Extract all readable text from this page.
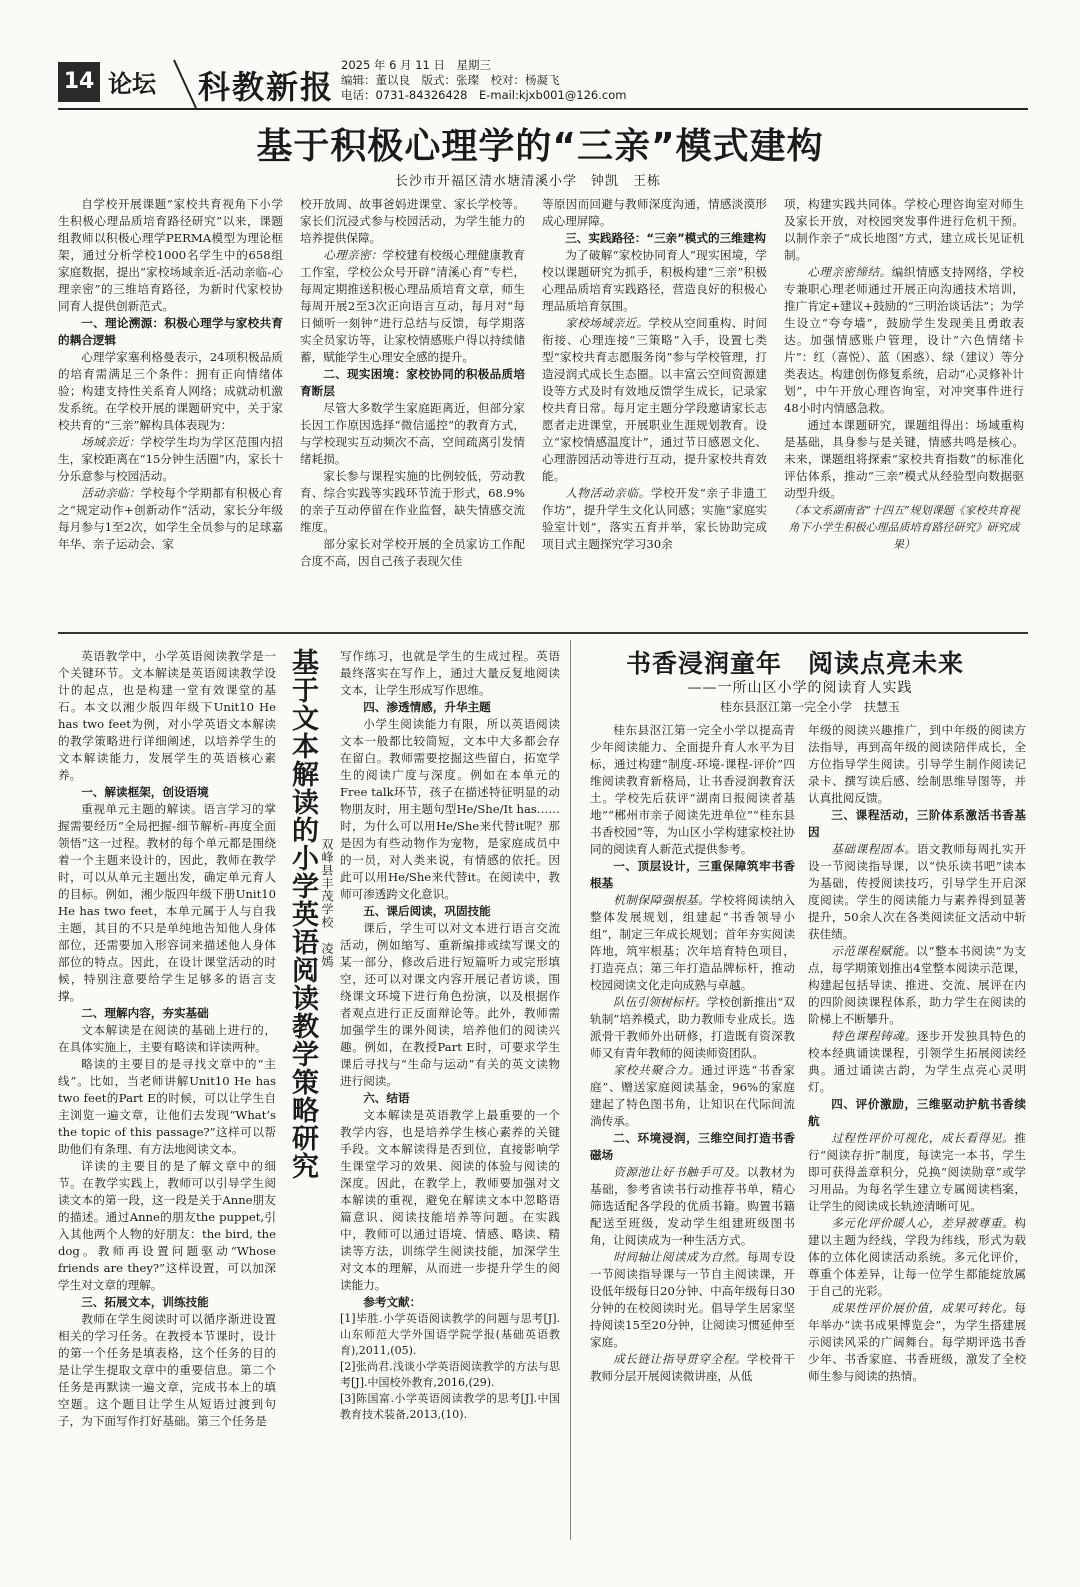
14 论坛 科教新报
2025 年 6 月 11 日　星期三
编辑：董以良　版式：张璨　校对：杨凝飞
电话：0731-84326428　E-mail:kjxb001@126.com
基于积极心理学的“三亲”模式建构
长沙市开福区清水塘清溪小学　钟凯　王栋

自学校开展课题“家校共育视角下小学生积极心理品质培育路径研究”以来，课题组教师以积极心理学PERMA模型为理论框架，通过分析学校1000名学生中的658组家庭数据，提出“家校场域亲近-活动亲临-心理亲密”的三维培育路径，为新时代家校协同育人提供创新范式。

一、理论溯源：积极心理学与家校共育的耦合逻辑

心理学家塞利格曼表示，24项积极品质的培育需满足三个条件：拥有正向情绪体验；构建支持性关系育人网络；成就动机激发系统。在学校开展的课题研究中，关于家校共育的“三亲”解构具体表现为：

场域亲近：学校学生均为学区范围内招生，家校距离在“15分钟生活圈”内，家长十分乐意参与校园活动。

活动亲临：学校每个学期都有积极心育之“规定动作+创新动作”活动，家长分年级每月参与1至2次，如学生全员参与的足球嘉年华、亲子运动会、家

校开放周、故事爸妈进课堂、家长学校等。家长们沉浸式参与校园活动，为学生能力的培养提供保障。

心理亲密：学校建有校级心理健康教育工作室，学校公众号开辟“清溪心育”专栏，每周定期推送积极心理品质培育文章，师生每周开展2至3次正向语言互动，每月对“每日倾听一刻钟”进行总结与反馈，每学期落实全员家访等，让家校情感账户得以持续储蓄，赋能学生心理安全感的提升。

二、现实困境：家校协同的积极品质培育断层

尽管大多数学生家庭距离近，但部分家长因工作原因选择“微信遥控”的教育方式，与学校现实互动频次不高，空间疏离引发情绪耗损。

家长参与课程实施的比例较低，劳动教育、综合实践等实践环节流于形式，68.9%的亲子互动停留在作业监督，缺失情感交流维度。

部分家长对学校开展的全员家访工作配合度不高，因自己孩子表现欠佳

等原因而回避与教师深度沟通，情感淡漠形成心理屏障。

三、实践路径：“三亲”模式的三维建构

为了破解“家校协同育人”现实困境，学校以课题研究为抓手，积极构建“三亲”积极心理品质培育实践路径，营造良好的积极心理品质培育氛围。

家校场域亲近。学校从空间重构、时间衔接、心理连接“三策略”入手，设置七类型“家校共育志愿服务岗”参与学校管理，打造浸润式成长生态圈。以丰富云空间资源建设等方式及时有效地反馈学生成长，记录家校共育日常。每月定主题分学段邀请家长志愿者走进课堂，开展职业生涯规划教育。设立“家校情感温度计”，通过节日感恩文化、心理游园活动等进行互动，提升家校共育效能。

人物活动亲临。学校开发“亲子非遗工作坊”，提升学生文化认同感；实施“家庭实验室计划”，落实五育并举，家长协助完成项目式主题探究学习30余

项，构建实践共同体。学校心理咨询室对师生及家长开放，对校园突发事件进行危机干预。以制作亲子“成长地图”方式，建立成长见证机制。

心理亲密缔结。编织情感支持网络，学校专兼职心理老师通过开展正向沟通技术培训，推广肯定+建议+鼓励的“三明治谈话法”；为学生设立“夸夸墙”，鼓励学生发现美且勇敢表达。加强情感账户管理，设计“六色情绪卡片”：红（喜悦）、蓝（困惑）、绿（建议）等分类表达。构建创伤修复系统，启动“心灵修补计划”，中午开放心理咨询室，对冲突事件进行48小时内情感急救。

通过本课题研究，课题组得出：场域重构是基础，具身参与是关键，情感共鸣是核心。未来，课题组将探索“家校共育指数”的标准化评估体系，推动“三亲”模式从经验型向数据驱动型升级。

（本文系湖南省“十四五”规划课题《家校共育视角下小学生积极心理品质培育路径研究》研究成果）

英语教学中，小学英语阅读教学是一个关键环节。文本解读是英语阅读教学设计的起点，也是构建一堂有效课堂的基石。本文以湘少版四年级下Unit10 He has two feet为例，对小学英语文本解读的教学策略进行详细阐述，以培养学生的文本解读能力，发展学生的英语核心素养。

一、解读框架，创设语境

重视单元主题的解读。语言学习的掌握需要经历“全局把握-细节解析-再度全面领悟”这一过程。教材的每个单元都是围绕着一个主题来设计的，因此，教师在教学时，可以从单元主题出发，确定单元育人的目标。例如，湘少版四年级下册Unit10 He has two feet，本单元属于人与自我主题，其目的不只是单纯地告知他人身体部位，还需要加入形容词来描述他人身体部位的特点。因此，在设计课堂活动的时候，特别注意要给学生足够多的语言支撑。

二、理解内容，夯实基础

文本解读是在阅读的基础上进行的，在具体实施上，主要有略读和详读两种。

略读的主要目的是寻找文章中的“主线”。比如，当老师讲解Unit10 He has two feet的Part E的时候，可以让学生自主浏览一遍文章，让他们去发现“What’s the topic of this passage?”这样可以帮助他们有条理、有方法地阅读文本。

详读的主要目的是了解文章中的细节。在教学实践上，教师可以引导学生阅读文本的第一段，这一段是关于Anne朋友的描述。通过Anne的朋友the puppet,引入其他两个人物的好朋友：the bird, the dog。教师再设置问题驱动“Whose friends are they?”这样设置，可以加深学生对文章的理解。

三、拓展文本，训练技能

教师在学生阅读时可以循序渐进设置相关的学习任务。在教授本节课时，设计的第一个任务是填表格，这个任务的目的是让学生提取文章中的重要信息。第二个任务是再默读一遍文章，完成书本上的填空题。这个题目让学生从短语过渡到句子，为下面写作打好基础。第三个任务是

基于文本解读的小学英语阅读教学策略研究 双峰县丰茂学校　凌嫣

写作练习，也就是学生的生成过程。英语最终落实在写作上，通过大量反复地阅读文本，让学生形成写作思维。

四、渗透情感，升华主题

小学生阅读能力有限，所以英语阅读文本一般都比较简短，文本中大多都会存在留白。教师需要挖掘这些留白，拓宽学生的阅读广度与深度。例如在本单元的Free talk环节，孩子在描述特征明显的动物朋友时，用主题句型He/She/It has……时，为什么可以用He/She来代替it呢？那是因为有些动物作为宠物，是家庭成员中的一员，对人类来说，有情感的依托。因此可以用He/She来代替it。在阅读中，教师可渗透跨文化意识。

五、课后阅读，巩固技能

课后，学生可以对文本进行语言交流活动，例如缩写、重新编排或续写课文的某一部分，修改后进行短篇听力或完形填空，还可以对课文内容开展记者访谈，围绕课文环境下进行角色扮演，以及根据作者观点进行正反面辩论等。此外，教师需加强学生的课外阅读，培养他们的阅读兴趣。例如，在教授Part E时，可要求学生课后寻找与“生命与运动”有关的英文读物进行阅读。

六、结语

文本解读是英语教学上最重要的一个教学内容，也是培养学生核心素养的关键手段。文本解读得是否到位，直接影响学生课堂学习的效果、阅读的体验与阅读的深度。因此，在教学上，教师要加强对文本解读的重视，避免在解读文本中忽略语篇意识、阅读技能培养等问题。在实践中，教师可以通过语境、情感、略读、精读等方法，训练学生阅读技能，加深学生对文本的理解，从而进一步提升学生的阅读能力。

参考文献：

[1]毕胜.小学英语阅读教学的问题与思考[J].山东师范大学外国语学院学报(基础英语教育),2011,(05).

[2]张尚君.浅谈小学英语阅读教学的方法与思考[J].中国校外教育,2016,(29).

[3]陈国富.小学英语阅读教学的思考[J].中国教育技术装备,2013,(10).

书香浸润童年　阅读点亮未来
——一所山区小学的阅读育人实践
桂东县沤江第一完全小学　扶慧玉

桂东县沤江第一完全小学以提高青少年阅读能力、全面提升育人水平为目标，通过构建“制度-环境-课程-评价”四维阅读教育新格局，让书香浸润教育沃土。学校先后获评“湖南日报阅读者基地”“郴州市亲子阅读先进单位”“桂东县书香校园”等，为山区小学构建家校社协同的阅读育人新范式提供参考。

一、顶层设计，三重保障筑牢书香根基

机制保障强根基。学校将阅读纳入整体发展规划，组建起“书香领导小组”，制定三年成长规划；首年夯实阅读阵地，筑牢根基；次年培育特色项目，打造亮点；第三年打造品牌标杆，推动校园阅读文化走向成熟与卓越。

队伍引领树标杆。学校创新推出“双轨制”培养模式，助力教师专业成长。选派骨干教师外出研修，打造既有资深教师又有青年教师的阅读师资团队。

家校共聚合力。通过评选“书香家庭”、赠送家庭阅读基金，96%的家庭建起了特色图书角，让知识在代际间流淌传承。

二、环境浸润，三维空间打造书香磁场

资源池让好书触手可及。以教材为基础，参考省读书行动推荐书单，精心筛选适配各学段的优质书籍。购置书籍配送至班级，发动学生组建班级图书角，让阅读成为一种生活方式。

时间轴让阅读成为自然。每周专设一节阅读指导课与一节自主阅读课，开设低年级每日20分钟、中高年级每日30分钟的在校阅读时光。倡导学生居家坚持阅读15至20分钟，让阅读习惯延伸至家庭。

成长链让指导贯穿全程。学校骨干教师分层开展阅读微讲座，从低

年级的阅读兴趣推广，到中年级的阅读方法指导，再到高年级的阅读陪伴成长，全方位指导学生阅读。引导学生制作阅读记录卡、撰写读后感、绘制思维导图等，并认真批阅反馈。

三、课程活动，三阶体系激活书香基因

基础课程固本。语文教师每周扎实开设一节阅读指导课，以“快乐读书吧”读本为基础，传授阅读技巧，引导学生开启深度阅读。学生的阅读能力与素养得到显著提升，50余人次在各类阅读征文活动中斩获佳绩。

示范课程赋能。以“整本书阅读”为支点，每学期策划推出4堂整本阅读示范课，构建起包括导读、推进、交流、展评在内的四阶阅读课程体系，助力学生在阅读的阶梯上不断攀升。

特色课程铸魂。逐步开发独具特色的校本经典诵读课程，引领学生拓展阅读经典。通过诵读古韵，为学生点亮心灵明灯。

四、评价激励，三维驱动护航书香续航

过程性评价可视化，成长看得见。推行“阅读存折”制度，每读完一本书，学生即可获得盖章积分，兑换“阅读勋章”或学习用品。为每名学生建立专属阅读档案，让学生的阅读成长轨迹清晰可见。

多元化评价暖人心，差异被尊重。构建以主题为经线，学段为纬线，形式为载体的立体化阅读活动系统。多元化评价，尊重个体差异，让每一位学生都能绽放属于自己的光彩。

成果性评价展价值，成果可转化。每年举办“读书成果博览会”，为学生搭建展示阅读风采的广阔舞台。每学期评选书香少年、书香家庭、书香班级，激发了全校师生参与阅读的热情。
